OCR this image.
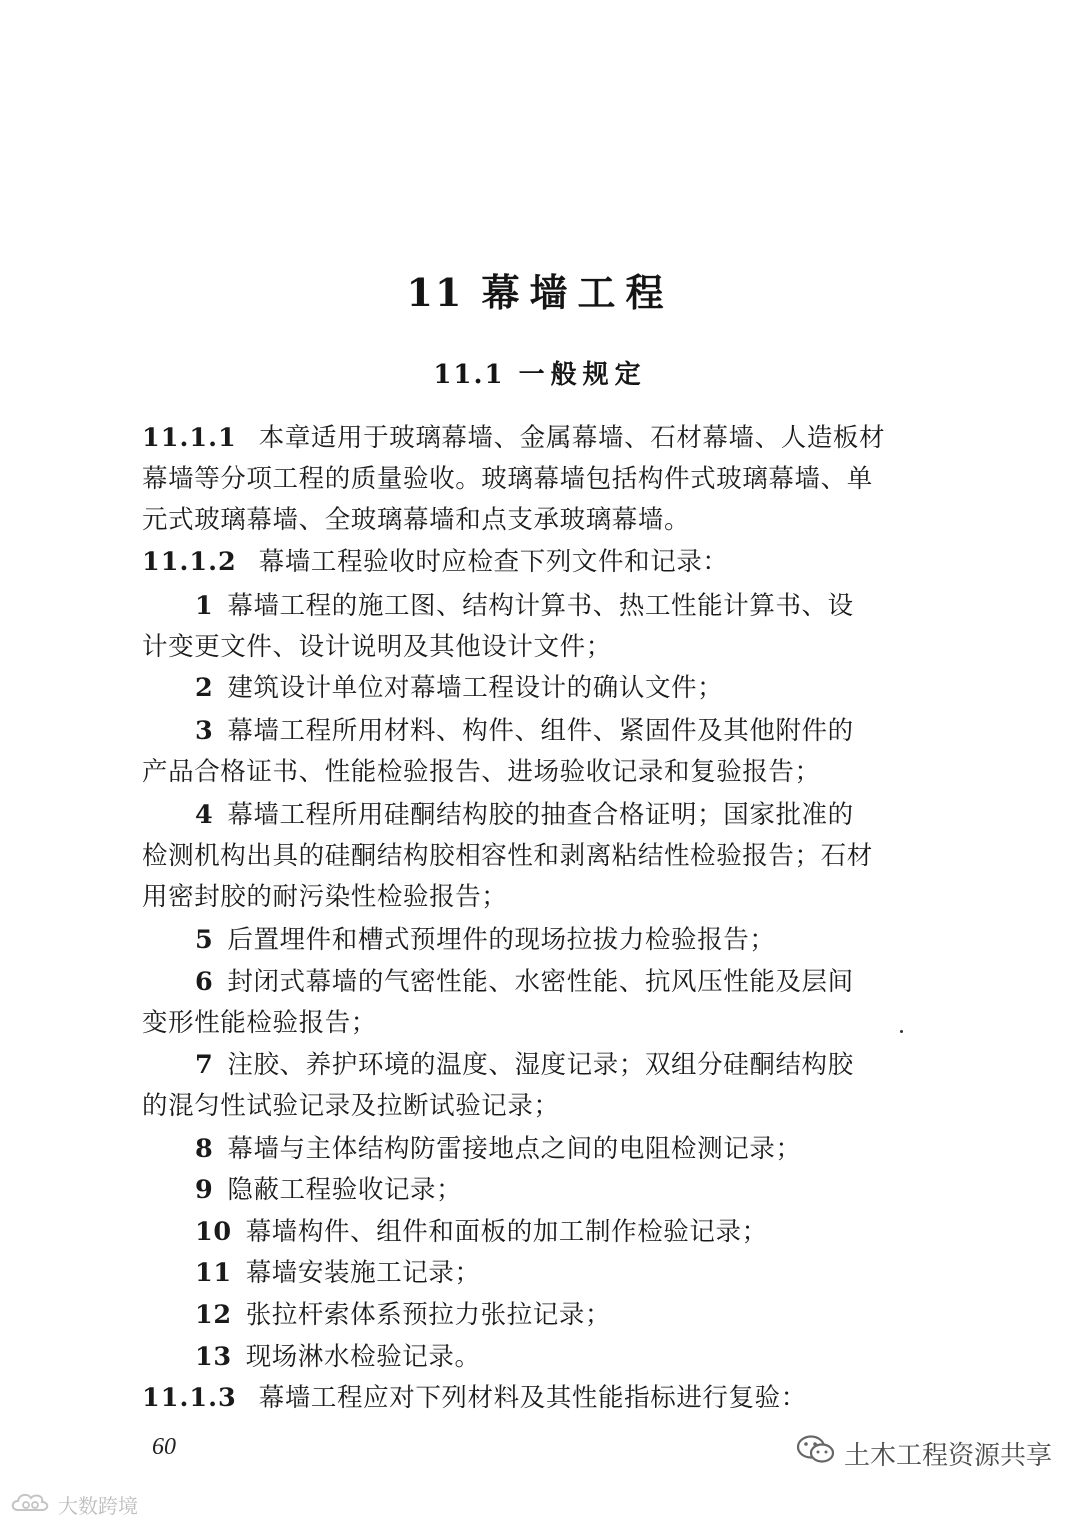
11 幕墙工程
11.1 一般规定
11.1.1 本章适用于玻璃幕墙、金属幕墙、石材幕墙、人造板材
幕墙等分项工程的质量验收。玻璃幕墙包括构件式玻璃幕墙、单
元式玻璃幕墙、全玻璃幕墙和点支承玻璃幕墙。
11.1.2 幕墙工程验收时应检查下列文件和记录：
1 幕墙工程的施工图、结构计算书、热工性能计算书、设
计变更文件、设计说明及其他设计文件；
2 建筑设计单位对幕墙工程设计的确认文件；
3 幕墙工程所用材料、构件、组件、紧固件及其他附件的
产品合格证书、性能检验报告、进场验收记录和复验报告；
4 幕墙工程所用硅酮结构胶的抽查合格证明；国家批准的
检测机构出具的硅酮结构胶相容性和剥离粘结性检验报告；石材
用密封胶的耐污染性检验报告；
5 后置埋件和槽式预埋件的现场拉拔力检验报告；
6 封闭式幕墙的气密性能、水密性能、抗风压性能及层间
变形性能检验报告；
7 注胶、养护环境的温度、湿度记录；双组分硅酮结构胶
的混匀性试验记录及拉断试验记录；
8 幕墙与主体结构防雷接地点之间的电阻检测记录；
9 隐蔽工程验收记录；
10 幕墙构件、组件和面板的加工制作检验记录；
11 幕墙安装施工记录；
12 张拉杆索体系预拉力张拉记录；
13 现场淋水检验记录。
11.1.3 幕墙工程应对下列材料及其性能指标进行复验：
60	土木工程资源共享
大数跨境
